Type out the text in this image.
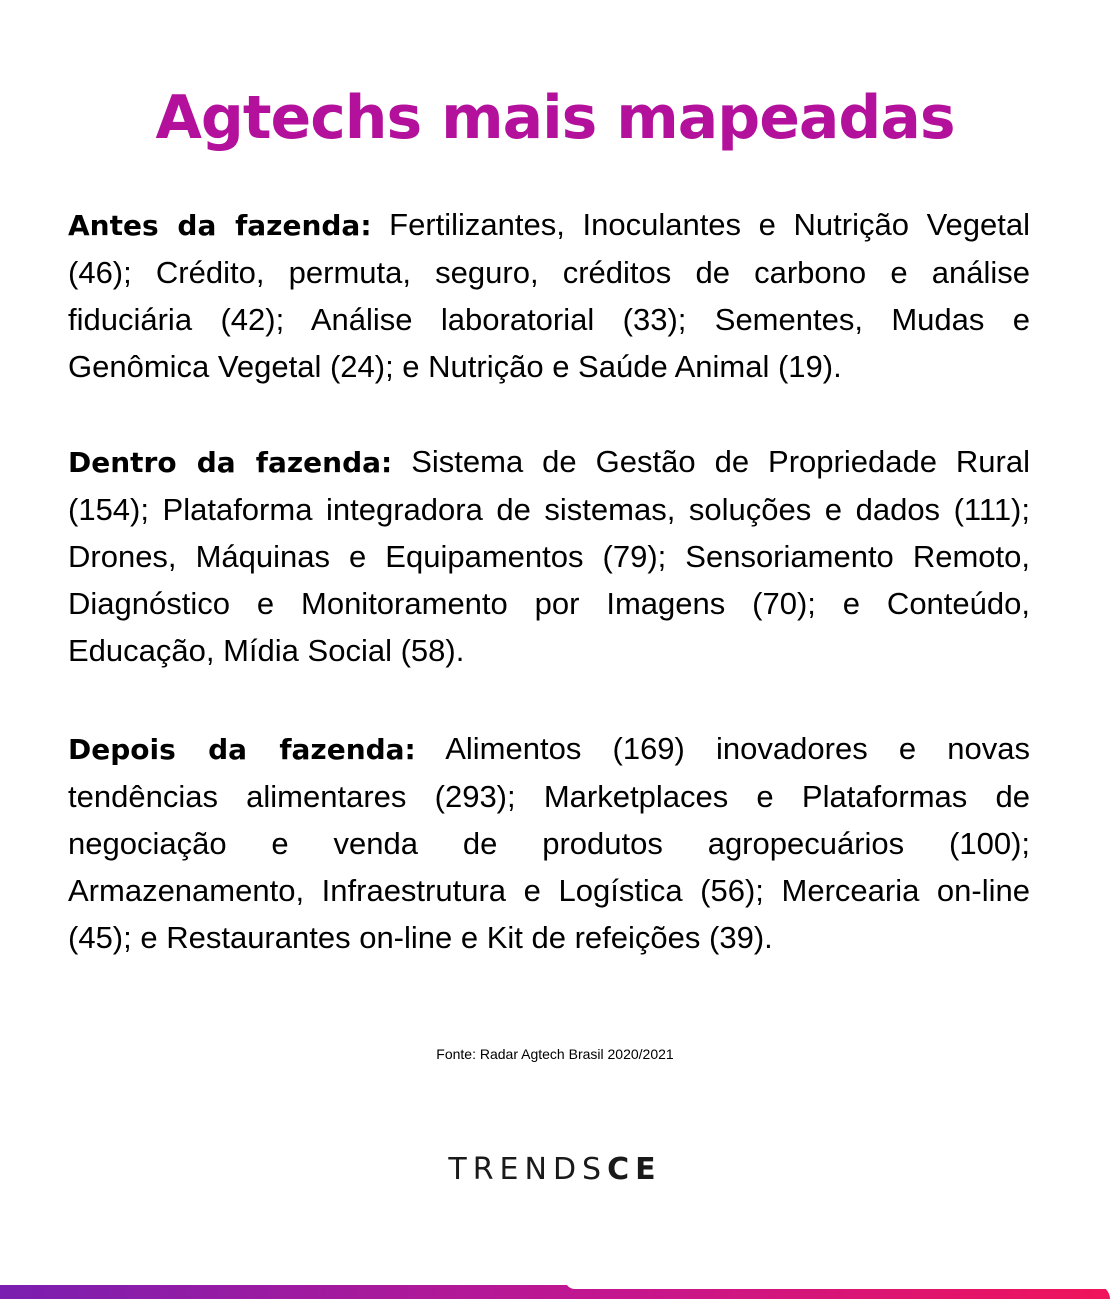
Agtechs mais mapeadas

Antes da fazenda: Fertilizantes, Inoculantes e Nutrição Vegetal (46); Crédito, permuta, seguro, créditos de carbono e análise fiduciária (42); Análise laboratorial (33); Sementes, Mudas e Genômica Vegetal (24); e Nutrição e Saúde Animal (19).

Dentro da fazenda: Sistema de Gestão de Propriedade Rural (154); Plataforma integradora de sistemas, soluções e dados (111); Drones, Máquinas e Equipamentos (79); Sensoriamento Remoto, Diagnóstico e Monitoramento por Imagens (70); e Conteúdo, Educação, Mídia Social (58).

Depois da fazenda: Alimentos (169) inovadores e novas tendências alimentares (293); Marketplaces e Plataformas de negociação e venda de produtos agropecuários (100); Armazenamento, Infraestrutura e Logística (56); Mercearia on-line (45); e Restaurantes on-line e Kit de refeições (39).

Fonte: Radar Agtech Brasil 2020/2021

TRENDSCE
